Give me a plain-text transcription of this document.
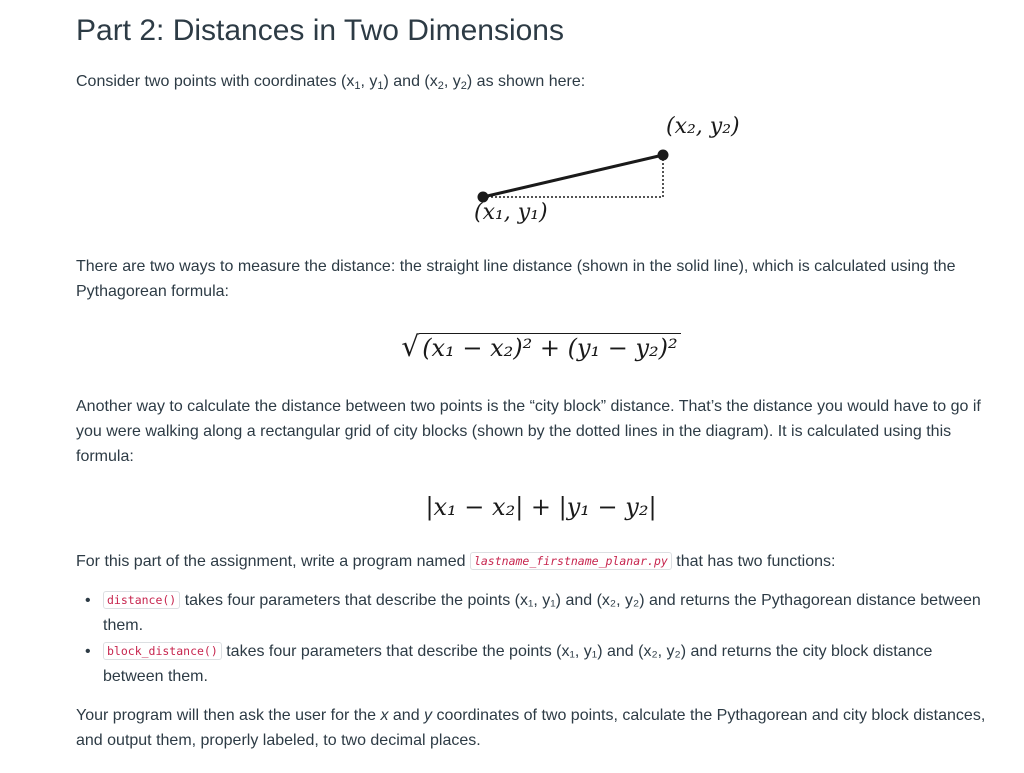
Part 2: Distances in Two Dimensions

Consider two points with coordinates ($x_1$, $y_1$) and ($x_2$, $y_2$) as shown here:

(x₁, y₁)
(x₂, y₂)

There are two ways to measure the distance: the straight line distance (shown in the solid line), which is calculated using the Pythagorean formula:

√ (x₁ − x₂)² + (y₁ − y₂)²

Another way to calculate the distance between two points is the “city block” distance. That’s the distance you would have to go if you were walking along a rectangular grid of city blocks (shown by the dotted lines in the diagram). It is calculated using this formula:

|x₁ − x₂| + |y₁ − y₂|

For this part of the assignment, write a program named lastname_firstname_planar.py that has two functions:

• distance() takes four parameters that describe the points (x₁, y₁) and (x₂, y₂) and returns the Pythagorean distance between them.
• block_distance() takes four parameters that describe the points (x₁, y₁) and (x₂, y₂) and returns the city block distance between them.

Your program will then ask the user for the x and y coordinates of two points, calculate the Pythagorean and city block distances, and output them, properly labeled, to two decimal places.
